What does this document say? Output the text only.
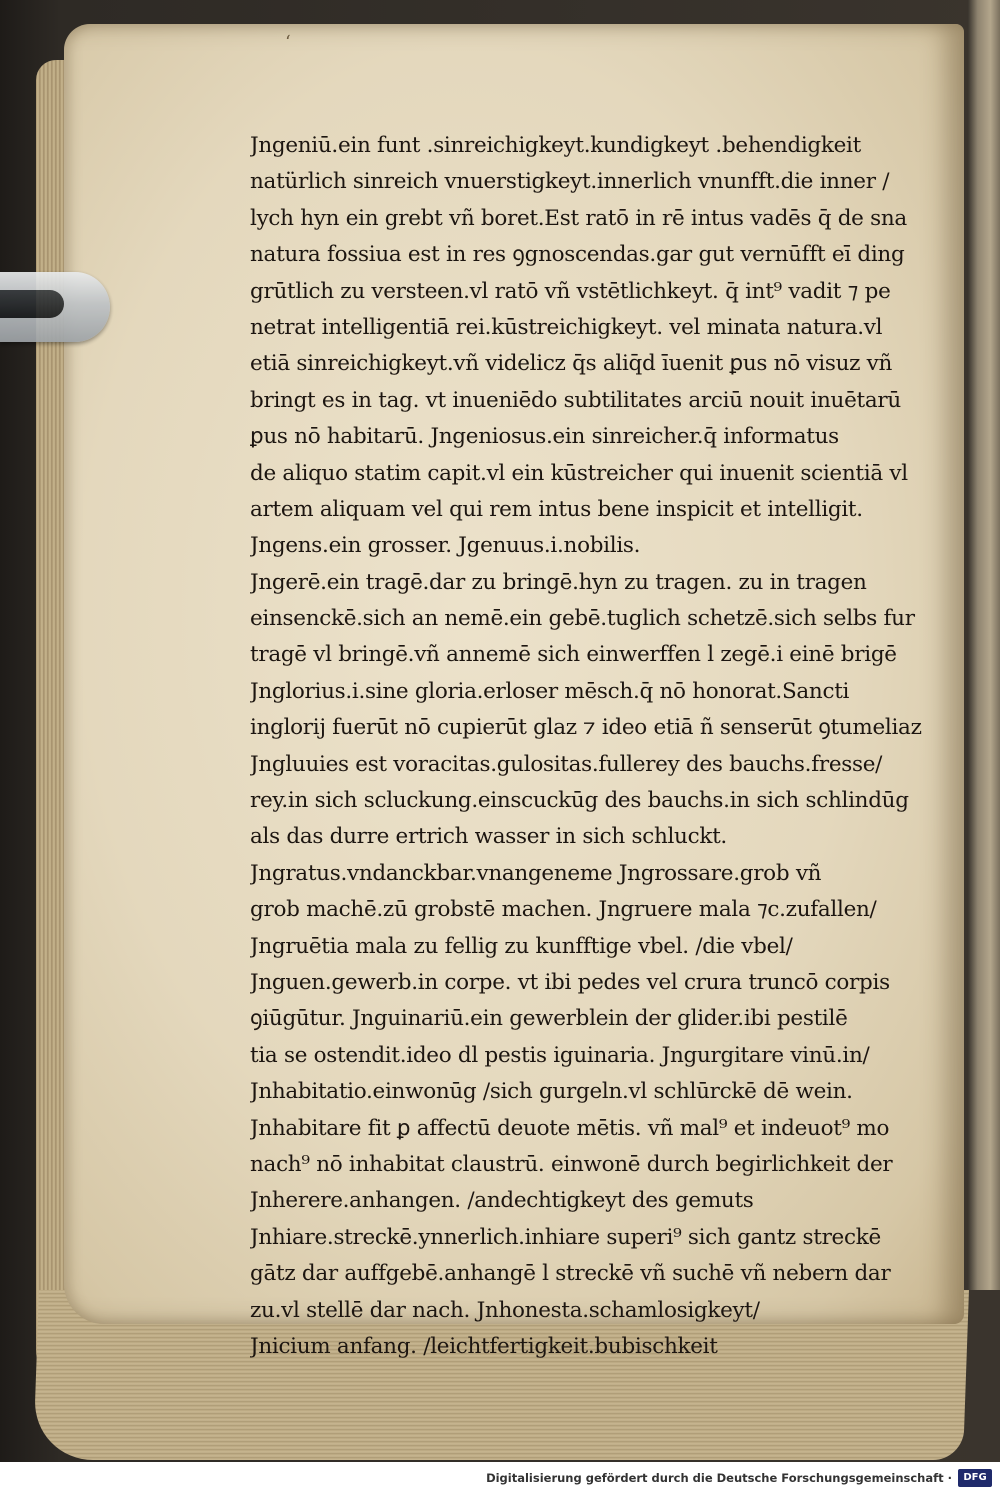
ʻ
Jngeniū.ein funt .sinreichigkeyt.kundigkeyt .behendigkeit
natürlich sinreich vnuerstigkeyt.innerlich vnunfft.die inner /
lych hyn ein grebt vñ boret.Est ratō in rē intus vadēs q̄ de sna
natura fossiua est in res ꝯgnoscendas.gar gut vernūfft eī ding
grūtlich zu versteen.vl ratō vñ vstētlichkeyt. q̄ int⁹ vadit ⁊ pe
netrat intelligentiā rei.kūstreichigkeyt. vel minata natura.vl
etiā sinreichigkeyt.vñ videlicz q̄s aliq̄d īuenit ꝑus nō visuz vñ
bringt es in tag. vt inueniēdo subtilitates arciū nouit inuētarū
ꝑus nō habitarū. Jngeniosus.ein sinreicher.q̄ informatus
de aliquo statim capit.vl ein kūstreicher qui inuenit scientiā vl
artem aliquam vel qui rem intus bene inspicit et intelligit.
Jngens.ein grosser. Jgenuus.i.nobilis.
Jngerē.ein tragē.dar zu bringē.hyn zu tragen. zu in tragen
einsenckē.sich an nemē.ein gebē.tuglich schetzē.sich selbs fur
tragē vl bringē.vñ annemē sich einwerffen l zegē.i einē brigē
Jnglorius.i.sine gloria.erloser mēsch.q̄ nō honorat.Sancti
inglorij fuerūt nō cupierūt glaz ⁊ ideo etiā ñ senserūt ꝯtumeliaz
Jngluuies est voracitas.gulositas.fullerey des bauchs.fresse/
rey.in sich scluckung.einscuckūg des bauchs.in sich schlindūg
als das durre ertrich wasser in sich schluckt.
Jngratus.vndanckbar.vnangeneme Jngrossare.grob vñ
grob machē.zū grobstē machen. Jngruere mala ⁊c.zufallen/
Jngruētia mala zu fellig zu kunfftige vbel. /die vbel/
Jnguen.gewerb.in corpe. vt ibi pedes vel crura truncō corpis
ꝯiūgūtur. Jnguinariū.ein gewerblein der glider.ibi pestilē
tia se ostendit.ideo dl pestis iguinaria. Jngurgitare vinū.in/
Jnhabitatio.einwonūg /sich gurgeln.vl schlūrckē dē wein.
Jnhabitare fit ꝑ affectū deuote mētis. vñ mal⁹ et indeuot⁹ mo
nach⁹ nō inhabitat claustrū. einwonē durch begirlichkeit der
Jnherere.anhangen. /andechtigkeyt des gemuts
Jnhiare.streckē.ynnerlich.inhiare superi⁹ sich gantz streckē
gātz dar auffgebē.anhangē l streckē vñ suchē vñ nebern dar
zu.vl stellē dar nach. Jnhonesta.schamlosigkeyt/
Jnicium anfang. /leichtfertigkeit.bubischkeit
Digitalisierung gefördert durch die Deutsche Forschungsgemeinschaft ·	DFG
